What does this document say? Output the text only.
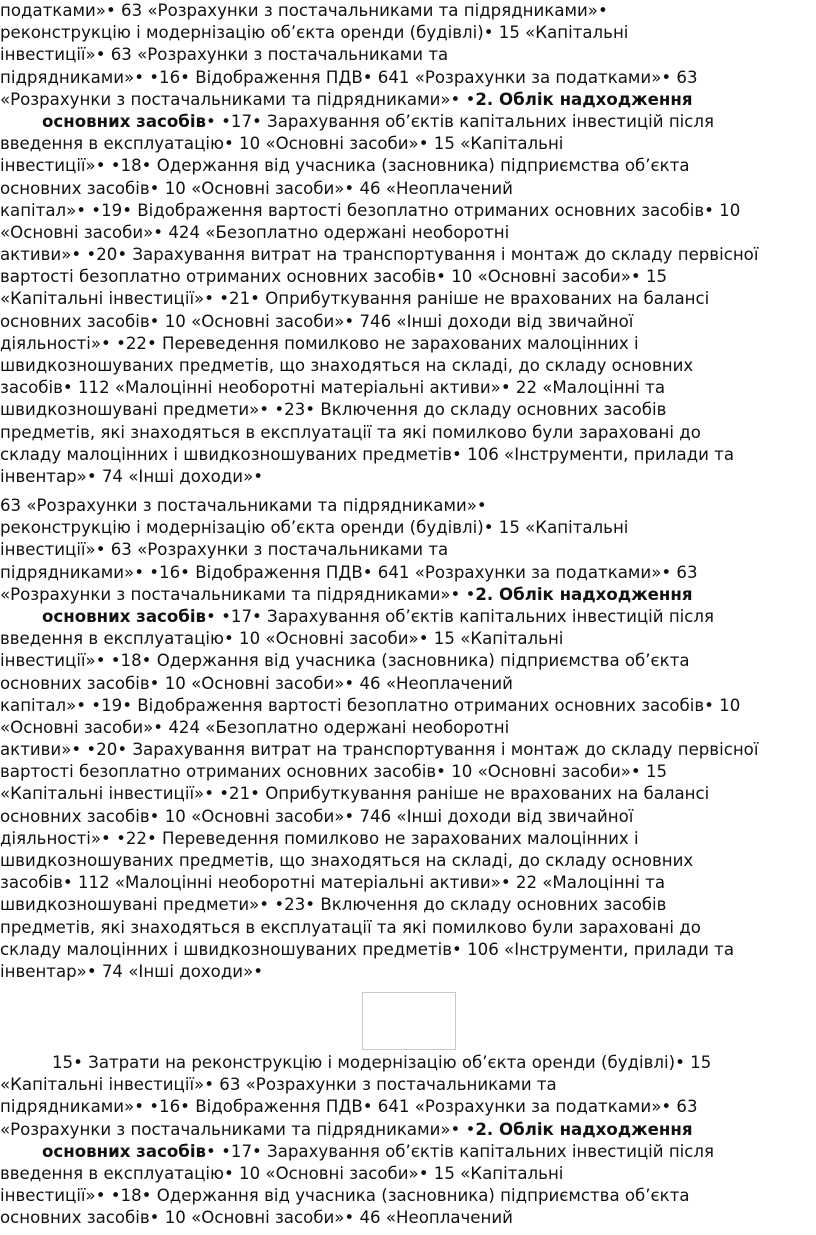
податками»• 63 «Розрахунки з постачальниками та підрядниками»•
реконструкцію і модернізацію об’єкта оренди (будівлі)• 15 «Капітальні
інвестиції»• 63 «Розрахунки з постачальниками та
підрядниками»• •16• Відображення ПДВ• 641 «Розрахунки за податками»• 63
«Розрахунки з постачальниками та підрядниками»• •2. Облік надходження
основних засобів• •17• Зарахування об’єктів капітальних інвестицій після
введення в експлуатацію• 10 «Основні засоби»• 15 «Капітальні
інвестиції»• •18• Одержання від учасника (засновника) підприємства об’єкта
основних засобів• 10 «Основні засоби»• 46 «Неоплачений
капітал»• •19• Відображення вартості безоплатно отриманих основних засобів• 10
«Основні засоби»• 424 «Безоплатно одержані необоротні
активи»• •20• Зарахування витрат на транспортування і монтаж до складу первісної
вартості безоплатно отриманих основних засобів• 10 «Основні засоби»• 15
«Капітальні інвестиції»• •21• Оприбуткування раніше не врахованих на балансі
основних засобів• 10 «Основні засоби»• 746 «Інші доходи від звичайної
діяльності»• •22• Переведення помилково не зарахованих малоцінних і
швидкозношуваних предметів, що знаходяться на складі, до складу основних
засобів• 112 «Малоцінні необоротні матеріальні активи»• 22 «Малоцінні та
швидкозношувані предмети»• •23• Включення до складу основних засобів
предметів, які знаходяться в експлуатації та які помилково були зараховані до
складу малоцінних і швидкозношуваних предметів• 106 «Інструменти, прилади та
інвентар»• 74 «Інші доходи»•
63 «Розрахунки з постачальниками та підрядниками»•
реконструкцію і модернізацію об’єкта оренди (будівлі)• 15 «Капітальні
інвестиції»• 63 «Розрахунки з постачальниками та
підрядниками»• •16• Відображення ПДВ• 641 «Розрахунки за податками»• 63
«Розрахунки з постачальниками та підрядниками»• •2. Облік надходження
основних засобів• •17• Зарахування об’єктів капітальних інвестицій після
введення в експлуатацію• 10 «Основні засоби»• 15 «Капітальні
інвестиції»• •18• Одержання від учасника (засновника) підприємства об’єкта
основних засобів• 10 «Основні засоби»• 46 «Неоплачений
капітал»• •19• Відображення вартості безоплатно отриманих основних засобів• 10
«Основні засоби»• 424 «Безоплатно одержані необоротні
активи»• •20• Зарахування витрат на транспортування і монтаж до складу первісної
вартості безоплатно отриманих основних засобів• 10 «Основні засоби»• 15
«Капітальні інвестиції»• •21• Оприбуткування раніше не врахованих на балансі
основних засобів• 10 «Основні засоби»• 746 «Інші доходи від звичайної
діяльності»• •22• Переведення помилково не зарахованих малоцінних і
швидкозношуваних предметів, що знаходяться на складі, до складу основних
засобів• 112 «Малоцінні необоротні матеріальні активи»• 22 «Малоцінні та
швидкозношувані предмети»• •23• Включення до складу основних засобів
предметів, які знаходяться в експлуатації та які помилково були зараховані до
складу малоцінних і швидкозношуваних предметів• 106 «Інструменти, прилади та
інвентар»• 74 «Інші доходи»•
15• Затрати на реконструкцію і модернізацію об’єкта оренди (будівлі)• 15
«Капітальні інвестиції»• 63 «Розрахунки з постачальниками та
підрядниками»• •16• Відображення ПДВ• 641 «Розрахунки за податками»• 63
«Розрахунки з постачальниками та підрядниками»• •2. Облік надходження
основних засобів• •17• Зарахування об’єктів капітальних інвестицій після
введення в експлуатацію• 10 «Основні засоби»• 15 «Капітальні
інвестиції»• •18• Одержання від учасника (засновника) підприємства об’єкта
основних засобів• 10 «Основні засоби»• 46 «Неоплачений
